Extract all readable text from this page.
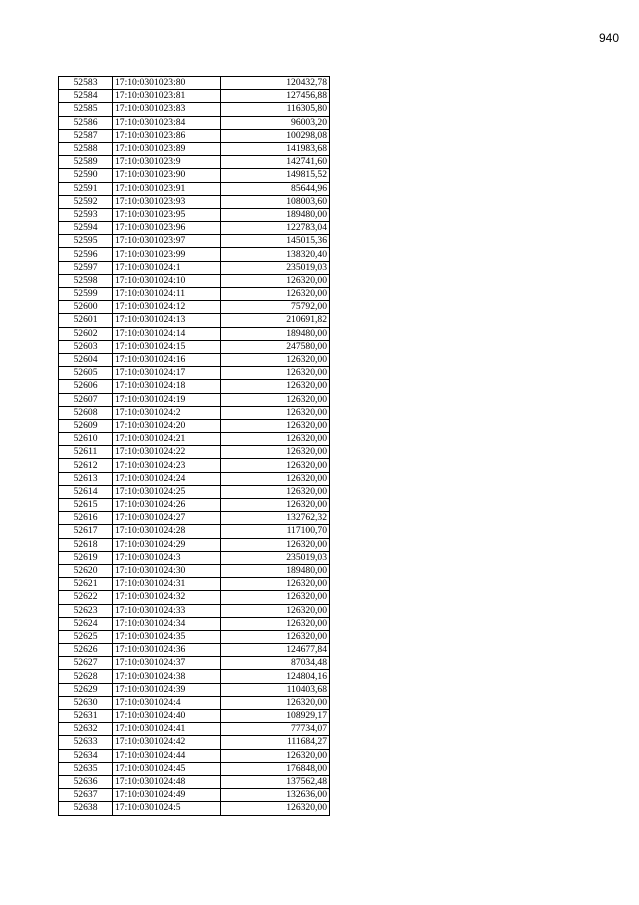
940
52583	17:10:0301023:80	120432,78
52584	17:10:0301023:81	127456,88
52585	17:10:0301023:83	116305,80
52586	17:10:0301023:84	96003,20
52587	17:10:0301023:86	100298,08
52588	17:10:0301023:89	141983,68
52589	17:10:0301023:9	142741,60
52590	17:10:0301023:90	149815,52
52591	17:10:0301023:91	85644,96
52592	17:10:0301023:93	108003,60
52593	17:10:0301023:95	189480,00
52594	17:10:0301023:96	122783,04
52595	17:10:0301023:97	145015,36
52596	17:10:0301023:99	138320,40
52597	17:10:0301024:1	235019,03
52598	17:10:0301024:10	126320,00
52599	17:10:0301024:11	126320,00
52600	17:10:0301024:12	75792,00
52601	17:10:0301024:13	210691,82
52602	17:10:0301024:14	189480,00
52603	17:10:0301024:15	247580,00
52604	17:10:0301024:16	126320,00
52605	17:10:0301024:17	126320,00
52606	17:10:0301024:18	126320,00
52607	17:10:0301024:19	126320,00
52608	17:10:0301024:2	126320,00
52609	17:10:0301024:20	126320,00
52610	17:10:0301024:21	126320,00
52611	17:10:0301024:22	126320,00
52612	17:10:0301024:23	126320,00
52613	17:10:0301024:24	126320,00
52614	17:10:0301024:25	126320,00
52615	17:10:0301024:26	126320,00
52616	17:10:0301024:27	132762,32
52617	17:10:0301024:28	117100,70
52618	17:10:0301024:29	126320,00
52619	17:10:0301024:3	235019,03
52620	17:10:0301024:30	189480,00
52621	17:10:0301024:31	126320,00
52622	17:10:0301024:32	126320,00
52623	17:10:0301024:33	126320,00
52624	17:10:0301024:34	126320,00
52625	17:10:0301024:35	126320,00
52626	17:10:0301024:36	124677,84
52627	17:10:0301024:37	87034,48
52628	17:10:0301024:38	124804,16
52629	17:10:0301024:39	110403,68
52630	17:10:0301024:4	126320,00
52631	17:10:0301024:40	108929,17
52632	17:10:0301024:41	77734,07
52633	17:10:0301024:42	111684,27
52634	17:10:0301024:44	126320,00
52635	17:10:0301024:45	176848,00
52636	17:10:0301024:48	137562,48
52637	17:10:0301024:49	132636,00
52638	17:10:0301024:5	126320,00
